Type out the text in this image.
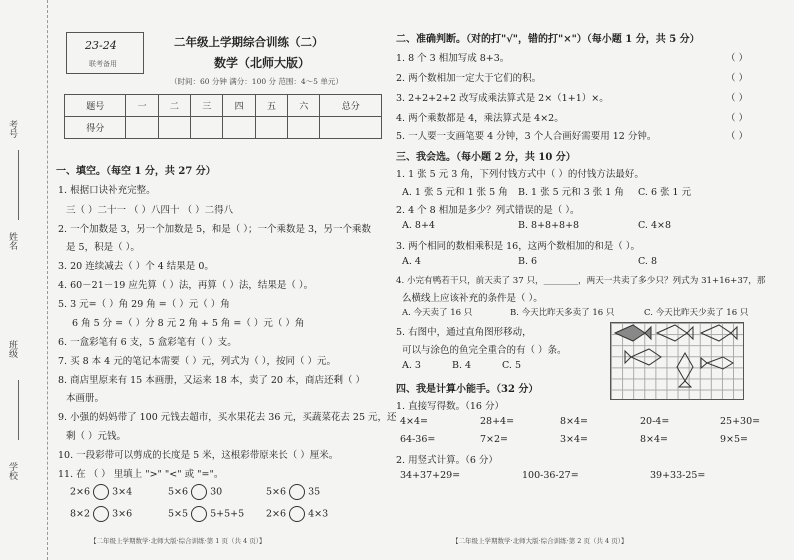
考号
姓名
班级
学校
23-24
联考备用
二年级上学期综合训练（二）
数学（北师大版）
（时间：60 分钟 满分：100 分 范围：4～5 单元）
题号	一	二	三	四	五	六	总分
得分							
一、填空。（每空 1 分，共 27 分）
1. 根据口诀补充完整。
三（ ）二十一 （ ）八四十 （ ）二得八
2. 一个加数是 3，另一个加数是 5，和是（ ）；一个乘数是 3，另一个乘数
是 5，积是（ ）。
3. 20 连续减去（ ）个 4 结果是 0。
4. 60－21－19 应先算（ ）法，再算（ ）法，结果是（ ）。
5. 3 元=（ ）角 29 角 =（ ）元（ ）角
6 角 5 分 =（ ）分 8 元 2 角 + 5 角 =（ ）元（ ）角
6. 一盒彩笔有 6 支，5 盒彩笔有（ ）支。
7. 买 8 本 4 元的笔记本需要（ ）元，列式为（ ），按同（ ）元。
8. 商店里原来有 15 本画册，又运来 18 本，卖了 20 本，商店还剩（ ）
本画册。
9. 小强的妈妈带了 100 元钱去超市，买水果花去 36 元，买蔬菜花去 25 元，还
剩（ ）元钱。
10. 一段彩带可以剪成的长度是 5 米，这根彩带原来长（ ）厘米。
11. 在 （ ） 里填上 ">" "<" 或 "="。
2×6 3×4	5×6 30	5×6 35
8×2 3×6	5×5 5+5+5 2×6 4×3
【二年级上学期数学·北师大版·综合训练·第 1 页（共 4 页）】
二、准确判断。（对的打"√"，错的打"×"）（每小题 1 分，共 5 分）
1. 8 个 3 相加写成 8+3。	（ ）
2. 两个数相加一定大于它们的积。	（ ）
3. 2+2+2+2 改写成乘法算式是 2×（1+1）×。	（ ）
4. 两个乘数都是 4，乘法算式是 4×2。	（ ）
5. 一人要一支画笔要 4 分钟，3 个人合画好需要用 12 分钟。	（ ）
三、我会选。（每小题 2 分，共 10 分）
1. 1 张 5 元 3 角，下列付钱方式中（ ）的付钱方法最好。
A. 1 张 5 元和 1 张 5 角 B. 1 张 5 元和 3 张 1 角 C. 6 张 1 元
2. 4 个 8 相加是多少？列式错误的是（ ）。
A. 8+4	B. 8+8+8+8	C. 4×8
3. 两个相同的数相乘积是 16，这两个数相加的和是（ ）。
A. 4	B. 6	C. 8
4. 小完有鸭若干只，前天卖了 37 只，________，两天一共卖了多少只？列式为 31+16+37，那
么横线上应该补充的条件是（ ）。
A. 今天卖了 16 只	B. 今天比昨天多卖了 16 只	C. 今天比昨天少卖了 16 只
5. 右图中，通过直角图形移动，
可以与涂色的鱼完全重合的有（ ）条。
A. 3	B. 4	C. 5
四、我是计算小能手。（32 分）
1. 直接写得数。（16 分）
4×4=	28+4=	8×4=	20-4=	25+30=
64-36=	7×2=	3×4=	8×4=	9×5=
2. 用竖式计算。（6 分）
34+37+29=	100-36-27=	39+33-25=
【二年级上学期数学·北师大版·综合训练·第 2 页（共 4 页）】
